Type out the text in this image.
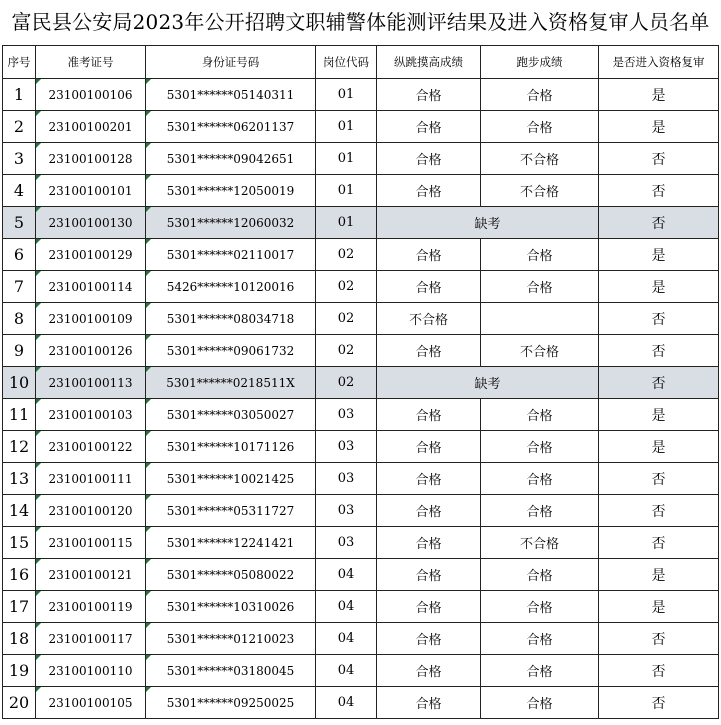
富民县公安局2023年公开招聘文职辅警体能测评结果及进入资格复审人员名单
序号	准考证号	身份证号码	岗位代码	纵跳摸高成绩	跑步成绩	是否进入资格复审
1	23100100106	5301******05140311	01	合格	合格	是
2	23100100201	5301******06201137	01	合格	合格	是
3	23100100128	5301******09042651	01	合格	不合格	否
4	23100100101	5301******12050019	01	合格	不合格	否
5	23100100130	5301******12060032	01	缺考		否
6	23100100129	5301******02110017	02	合格	合格	是
7	23100100114	5426******10120016	02	合格	合格	是
8	23100100109	5301******08034718	02	不合格		否
9	23100100126	5301******09061732	02	合格	不合格	否
10	23100100113	5301******0218511X	02	缺考		否
11	23100100103	5301******03050027	03	合格	合格	是
12	23100100122	5301******10171126	03	合格	合格	是
13	23100100111	5301******10021425	03	合格	合格	否
14	23100100120	5301******05311727	03	合格	合格	否
15	23100100115	5301******12241421	03	合格	不合格	否
16	23100100121	5301******05080022	04	合格	合格	是
17	23100100119	5301******10310026	04	合格	合格	是
18	23100100117	5301******01210023	04	合格	合格	否
19	23100100110	5301******03180045	04	合格	合格	否
20	23100100105	5301******09250025	04	合格	合格	否
